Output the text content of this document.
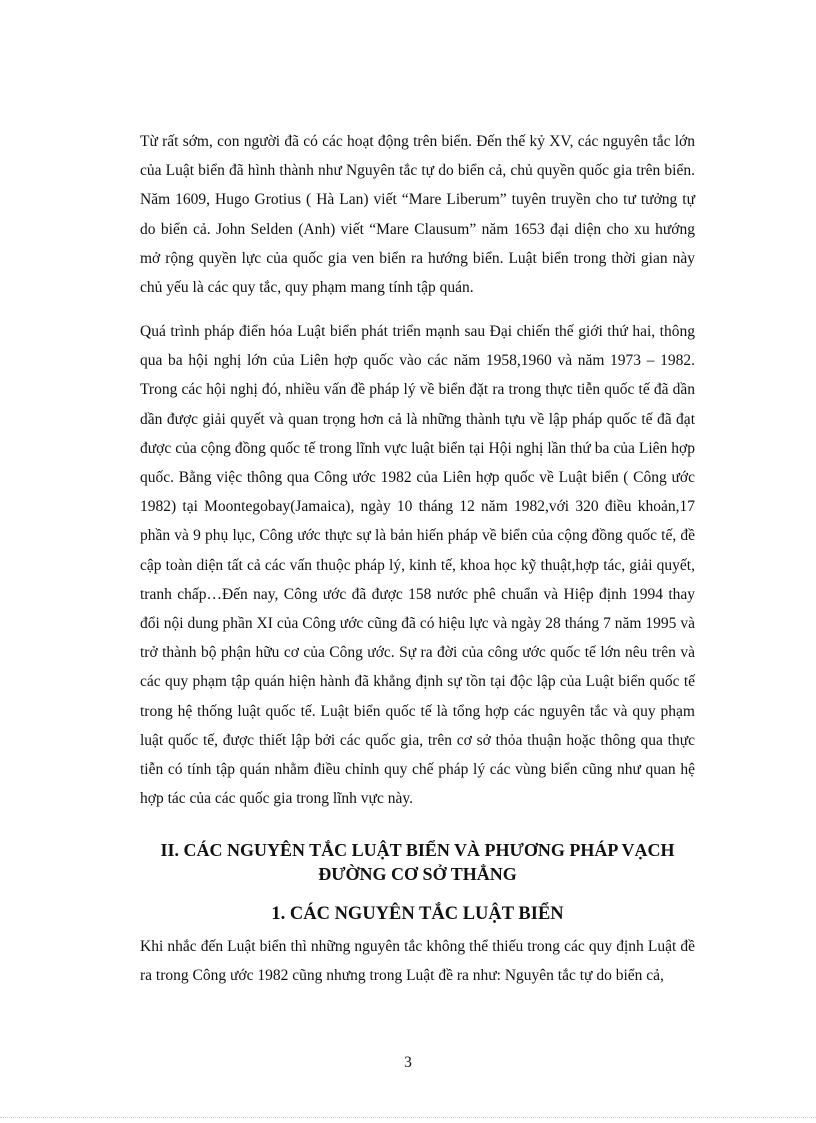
Từ rất sớm, con người đã có các hoạt động trên biển. Đến thế kỷ XV, các nguyên tắc lớn của Luật biển đã hình thành như Nguyên tắc tự do biển cả, chủ quyền quốc gia trên biển. Năm 1609, Hugo Grotius ( Hà Lan) viết “Mare Liberum” tuyên truyền cho tư tưởng tự do biển cả. John Selden (Anh) viết “Mare Clausum” năm 1653 đại diện cho xu hướng mở rộng quyền lực của quốc gia ven biển ra hướng biển. Luật biển trong thời gian này chủ yếu là các quy tắc, quy phạm mang tính tập quán.

Quá trình pháp điển hóa Luật biển phát triển mạnh sau Đại chiến thế giới thứ hai, thông qua ba hội nghị lớn của Liên hợp quốc vào các năm 1958,1960 và năm 1973 – 1982. Trong các hội nghị đó, nhiều vấn đề pháp lý về biển đặt ra trong thực tiễn quốc tế đã dần dần được giải quyết và quan trọng hơn cả là những thành tựu về lập pháp quốc tế đã đạt được của cộng đồng quốc tế trong lĩnh vực luật biển tại Hội nghị lần thứ ba của Liên hợp quốc. Bằng việc thông qua Công ước 1982 của Liên hợp quốc về Luật biển ( Công ước 1982) tại Moontegobay(Jamaica), ngày 10 tháng 12 năm 1982,với 320 điều khoản,17 phần và 9 phụ lục, Công ước thực sự là bản hiến pháp về biển của cộng đồng quốc tế, đề cập toàn diện tất cả các vấn thuộc pháp lý, kinh tế, khoa học kỹ thuật,hợp tác, giải quyết, tranh chấp…Đến nay, Công ước đã được 158 nước phê chuẩn và Hiệp định 1994 thay đổi nội dung phần XI của Công ước cũng đã có hiệu lực và ngày 28 tháng 7 năm 1995 và trở thành bộ phận hữu cơ của Công ước. Sự ra đời của công ước quốc tế lớn nêu trên và các quy phạm tập quán hiện hành đã khẳng định sự tồn tại độc lập của Luật biển quốc tế trong hệ thống luật quốc tế. Luật biển quốc tế là tổng hợp các nguyên tắc và quy phạm luật quốc tế, được thiết lập bởi các quốc gia, trên cơ sở thỏa thuận hoặc thông qua thực tiễn có tính tập quán nhằm điều chỉnh quy chế pháp lý các vùng biển cũng như quan hệ hợp tác của các quốc gia trong lĩnh vực này.

II. CÁC NGUYÊN TẮC LUẬT BIỂN VÀ PHƯƠNG PHÁP VẠCH
ĐƯỜNG CƠ SỞ THẲNG
1. CÁC NGUYÊN TẮC LUẬT BIỂN

Khi nhắc đến Luật biển thì những nguyên tắc không thể thiếu trong các quy định Luật đề ra trong Công ước 1982 cũng nhưng trong Luật đề ra như: Nguyên tắc tự do biển cả,

3
